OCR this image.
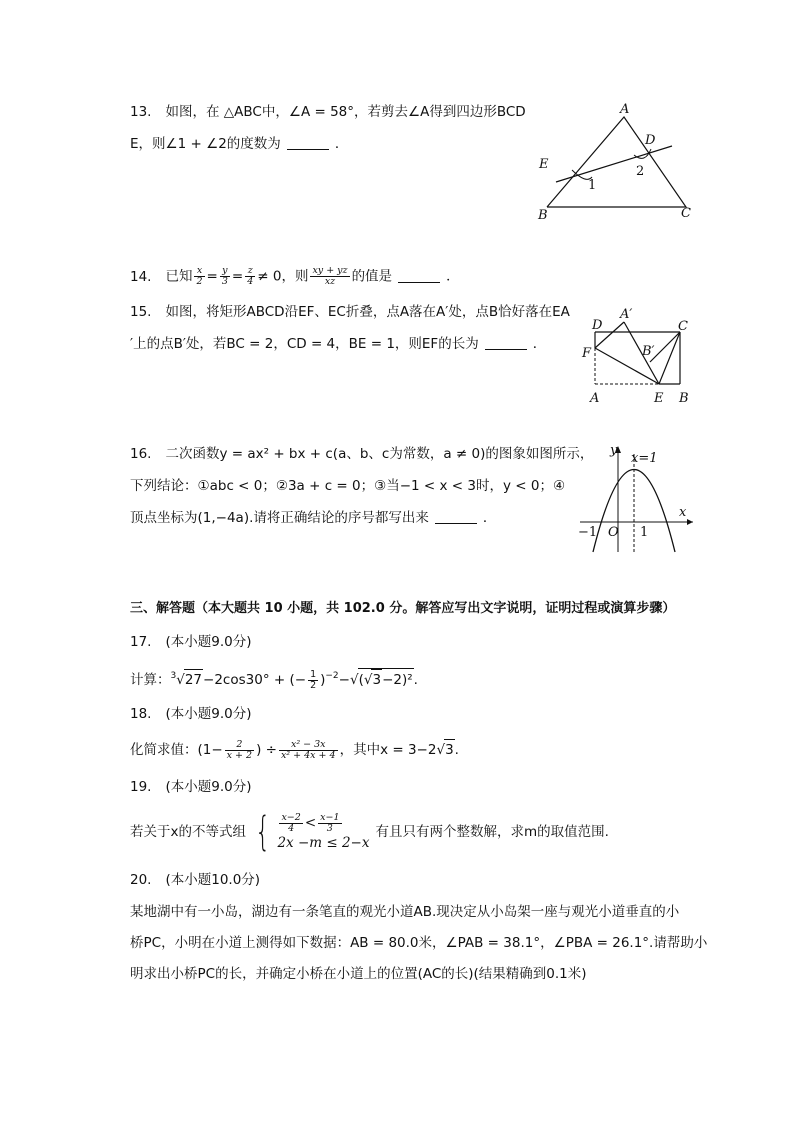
13. 如图，在 △ABC中，∠A = 58°，若剪去∠A得到四边形BCD
E，则∠1 + ∠2的度数为	．
A
B	C
D
E
1
2
14. 已知 $\frac{x}{2} = \frac{y}{3} = \frac{z}{4} \ne 0$，则 $\frac{xy + yz}{xz}$ 的值是	．
15. 如图，将矩形ABCD沿EF、EC折叠，点A落在A′处，点B恰好落在EA
′上的点B′处，若BC = 2，CD = 4，BE = 1，则EF的长为	．
D
A′
C
F	B′
A	E B
16. 二次函数y = ax² + bx + c(a、b、c为常数，a ≠ 0)的图象如图所示，
下列结论：①abc < 0；②3a + c = 0；③当−1 < x < 3时，y < 0；④
顶点坐标为(1,−4a).请将正确结论的序号都写出来	．
y
x=1
x
−1 O 1
三、解答题（本大题共 10 小题，共 102.0 分。解答应写出文字说明，证明过程或演算步骤）
17. (本小题9.0分)
计算：$^3$√27−2cos30° + (− $\frac{1}{2} )^{-2}-√(√3-2)^2$.
18. (本小题9.0分)
化简求值：($1- \frac{2}{x + 2}$ ) ÷ $\frac{\text{x² − 3x}}{\text{x² + 4x + 4}}$ ，其中x = 3−2√3.
19. (本小题9.0分)
若关于x的不等式组 { $\frac{x-2}{4} < \frac{x-1}{3}$
2x −m ≤ 2−x
有且只有两个整数解，求m的取值范围.
20. (本小题10.0分)
某地湖中有一小岛，湖边有一条笔直的观光小道AB.现决定从小岛架一座与观光小道垂直的小
桥PC，小明在小道上测得如下数据：AB = 80.0米，∠PAB = 38.1°，∠PBA = 26.1°.请帮助小
明求出小桥PC的长，并确定小桥在小道上的位置(AC的长)(结果精确到0.1米)
